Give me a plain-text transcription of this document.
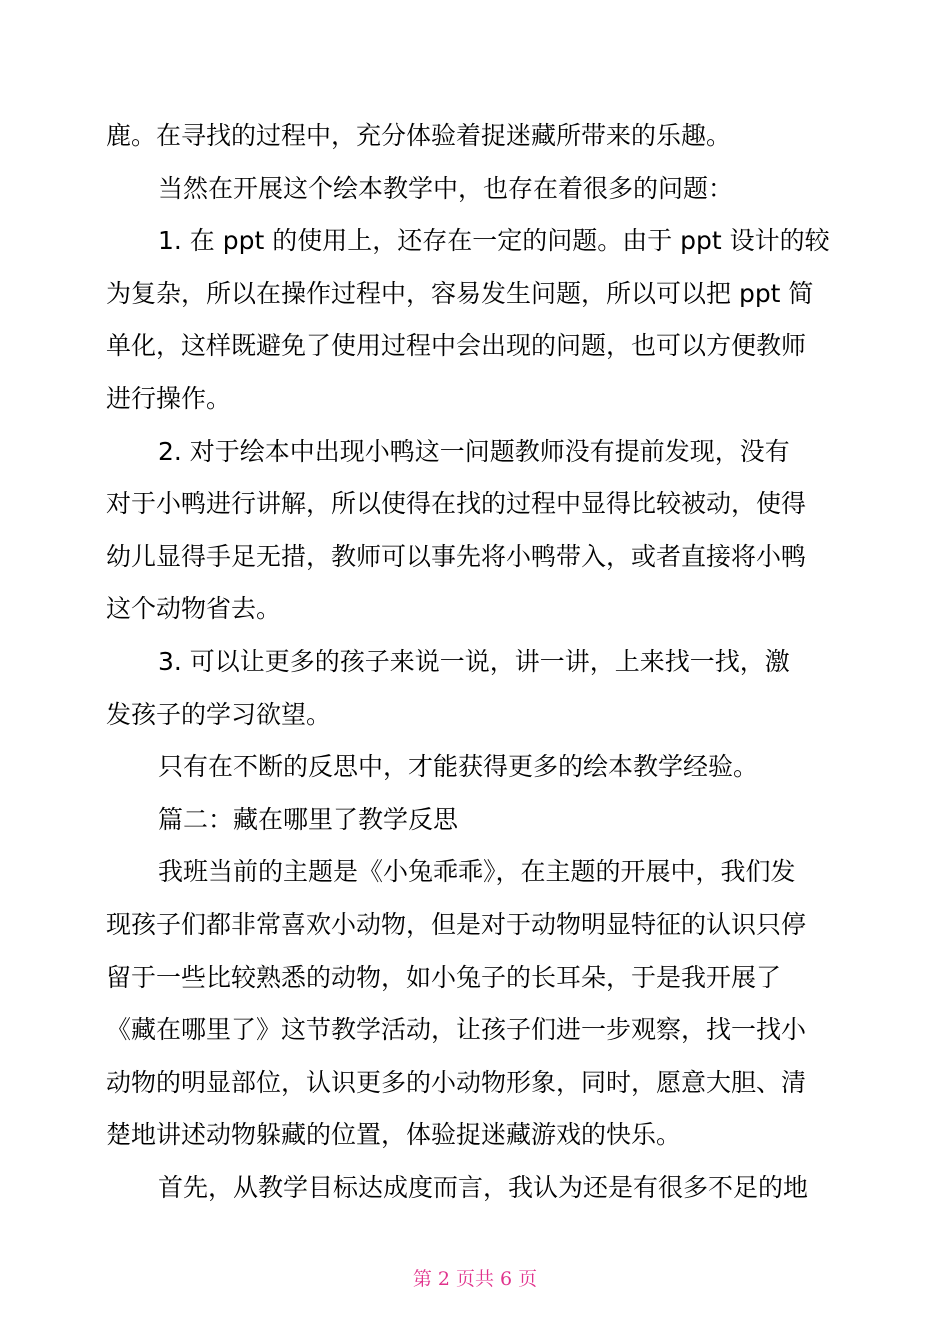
鹿。在寻找的过程中，充分体验着捉迷藏所带来的乐趣。
当然在开展这个绘本教学中，也存在着很多的问题：
1. 在 ppt 的使用上，还存在一定的问题。由于 ppt 设计的较
为复杂，所以在操作过程中，容易发生问题，所以可以把 ppt 简
单化，这样既避免了使用过程中会出现的问题，也可以方便教师
进行操作。
2. 对于绘本中出现小鸭这一问题教师没有提前发现，没有
对于小鸭进行讲解，所以使得在找的过程中显得比较被动，使得
幼儿显得手足无措，教师可以事先将小鸭带入，或者直接将小鸭
这个动物省去。
3. 可以让更多的孩子来说一说，讲一讲，上来找一找，激
发孩子的学习欲望。
只有在不断的反思中，才能获得更多的绘本教学经验。
篇二：藏在哪里了教学反思
我班当前的主题是《小兔乖乖》，在主题的开展中，我们发
现孩子们都非常喜欢小动物，但是对于动物明显特征的认识只停
留于一些比较熟悉的动物，如小兔子的长耳朵，于是我开展了
《藏在哪里了》这节教学活动，让孩子们进一步观察，找一找小
动物的明显部位，认识更多的小动物形象，同时，愿意大胆、清
楚地讲述动物躲藏的位置，体验捉迷藏游戏的快乐。
首先，从教学目标达成度而言，我认为还是有很多不足的地
第 2 页共 6 页
